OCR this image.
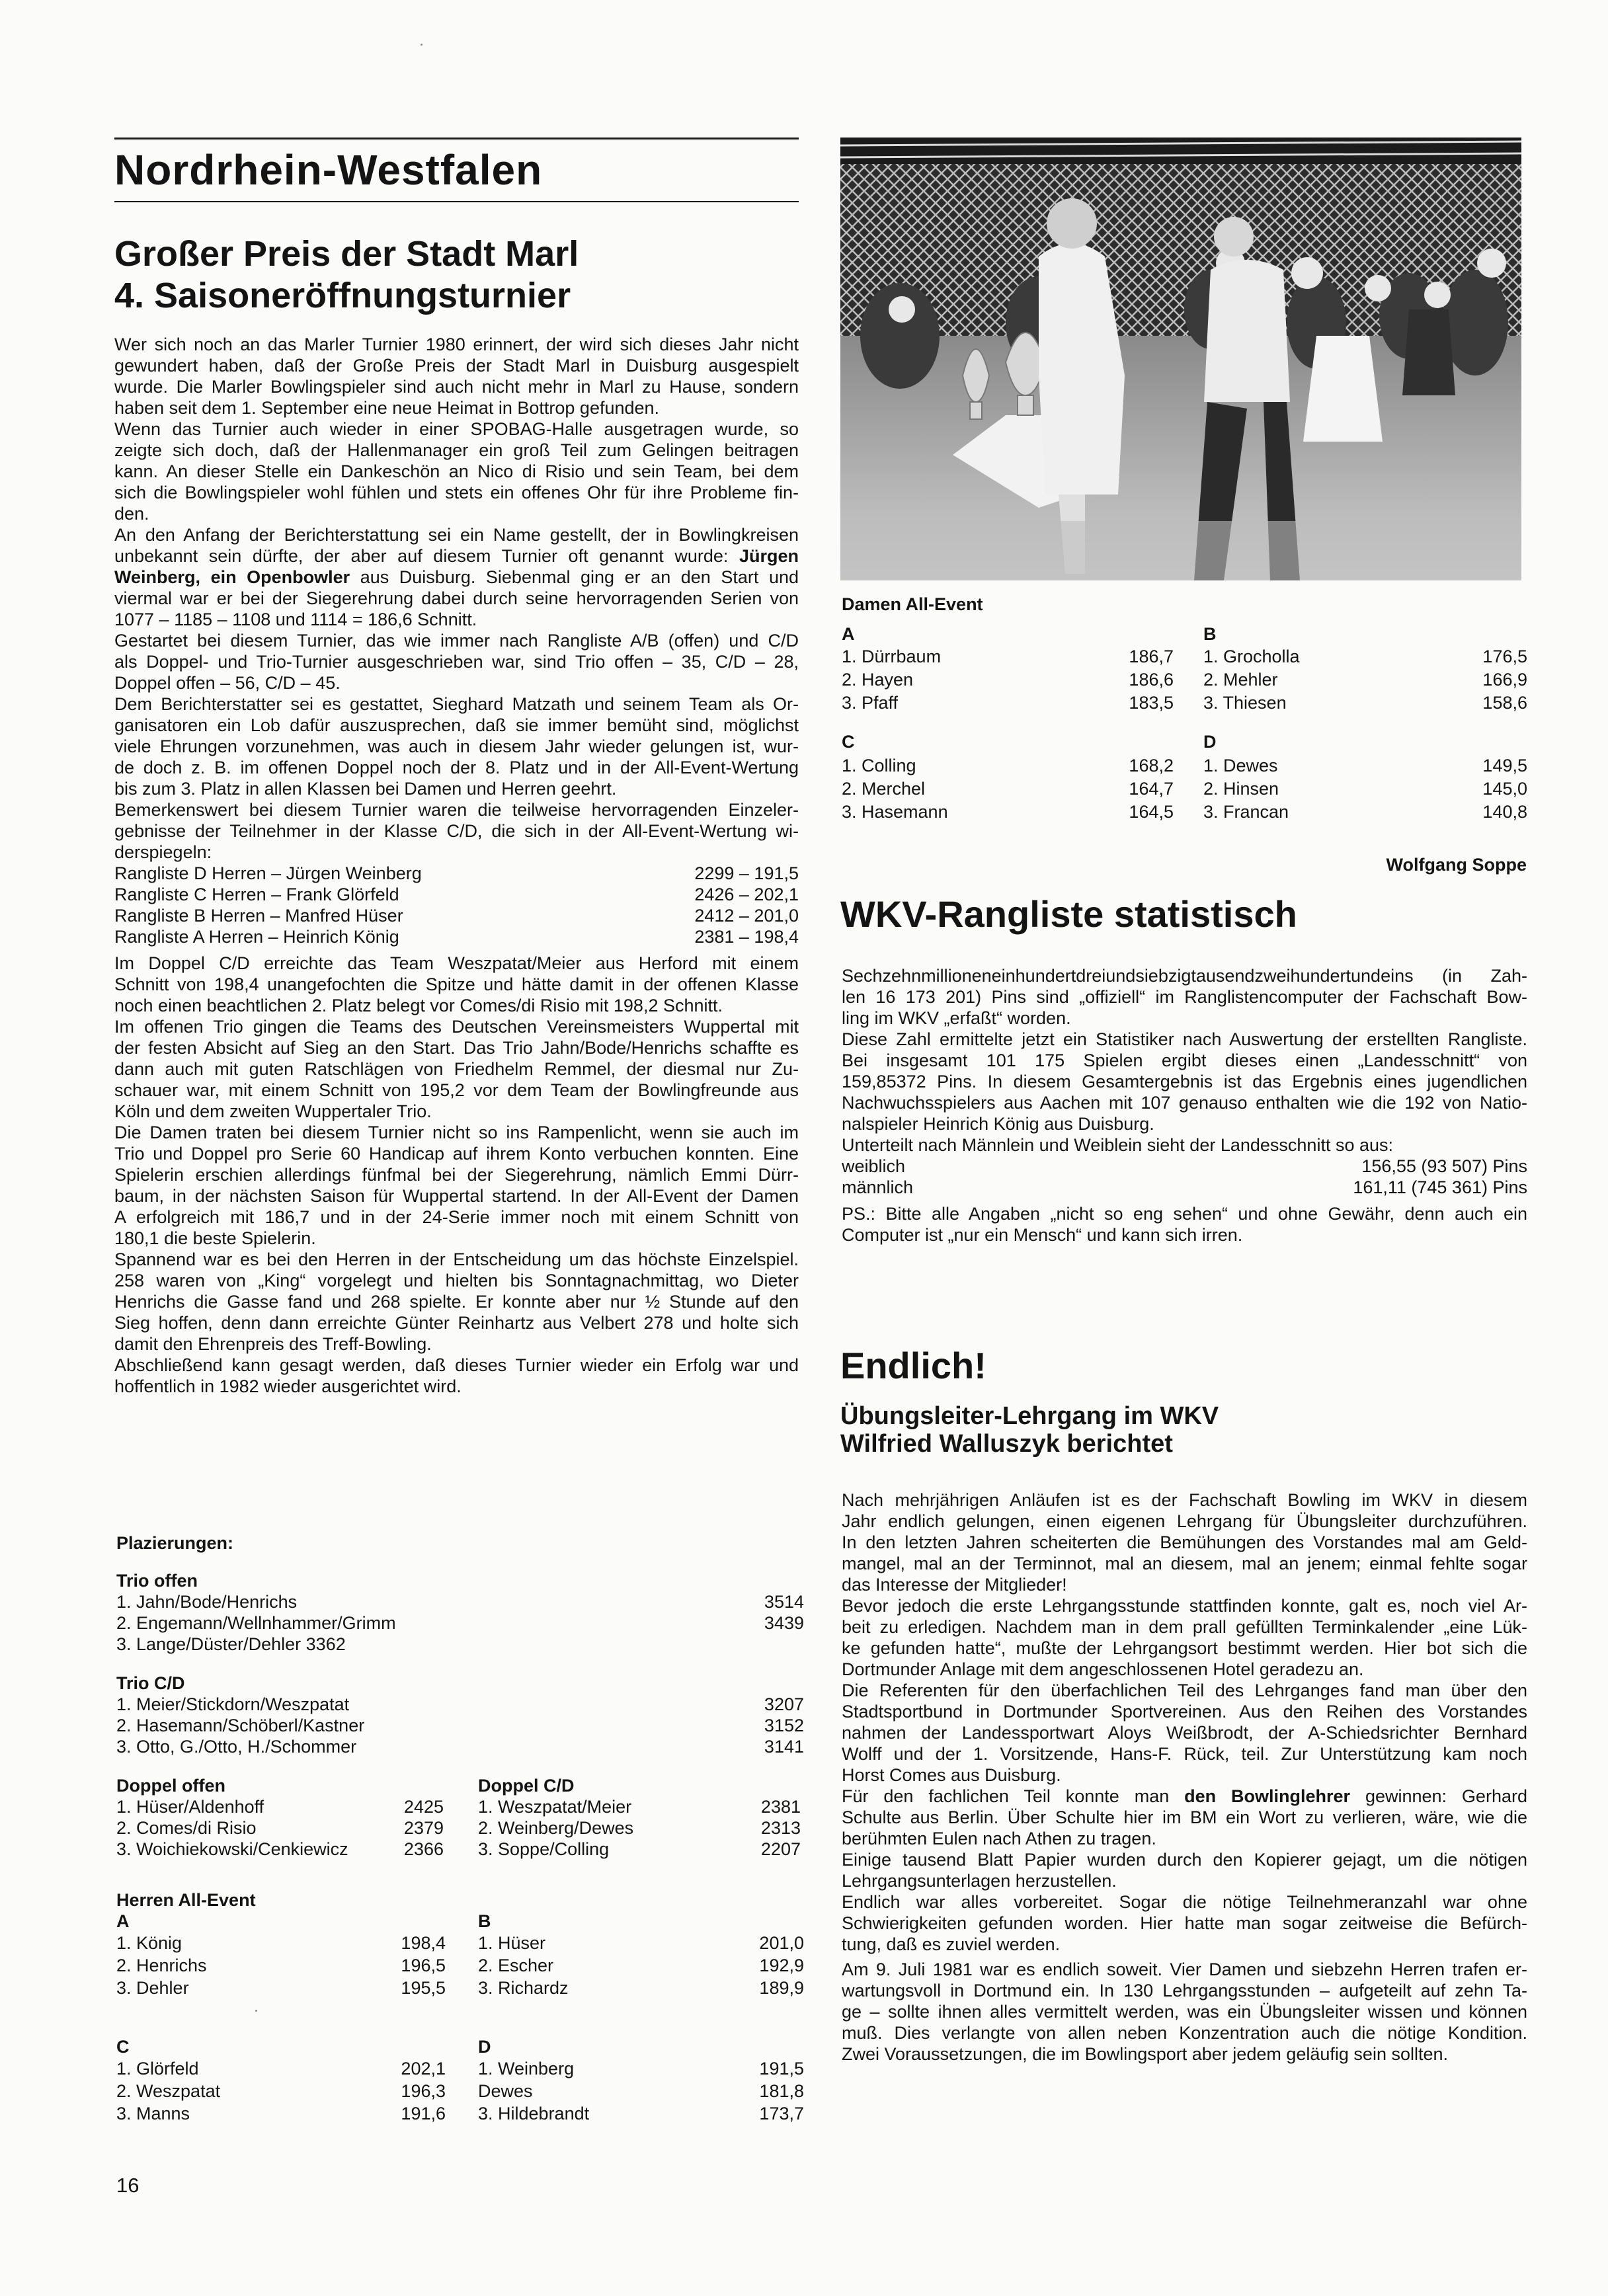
Nordrhein-Westfalen
Großer Preis der Stadt Marl
4. Saisoneröffnungsturnier
Wer sich noch an das Marler Turnier 1980 erinnert, der wird sich dieses Jahr nicht
gewundert haben, daß der Große Preis der Stadt Marl in Duisburg ausgespielt
wurde. Die Marler Bowlingspieler sind auch nicht mehr in Marl zu Hause, sondern
haben seit dem 1. September eine neue Heimat in Bottrop gefunden.
Wenn das Turnier auch wieder in einer SPOBAG-Halle ausgetragen wurde, so
zeigte sich doch, daß der Hallenmanager ein groß Teil zum Gelingen beitragen
kann. An dieser Stelle ein Dankeschön an Nico di Risio und sein Team, bei dem
sich die Bowlingspieler wohl fühlen und stets ein offenes Ohr für ihre Probleme fin-
den.
An den Anfang der Berichterstattung sei ein Name gestellt, der in Bowlingkreisen
unbekannt sein dürfte, der aber auf diesem Turnier oft genannt wurde: Jürgen
Weinberg, ein Openbowler aus Duisburg. Siebenmal ging er an den Start und
viermal war er bei der Siegerehrung dabei durch seine hervorragenden Serien von
1077 – 1185 – 1108 und 1114 = 186,6 Schnitt.
Gestartet bei diesem Turnier, das wie immer nach Rangliste A/B (offen) und C/D
als Doppel- und Trio-Turnier ausgeschrieben war, sind Trio offen – 35, C/D – 28,
Doppel offen – 56, C/D – 45.
Dem Berichterstatter sei es gestattet, Sieghard Matzath und seinem Team als Or-
ganisatoren ein Lob dafür auszusprechen, daß sie immer bemüht sind, möglichst
viele Ehrungen vorzunehmen, was auch in diesem Jahr wieder gelungen ist, wur-
de doch z. B. im offenen Doppel noch der 8. Platz und in der All-Event-Wertung
bis zum 3. Platz in allen Klassen bei Damen und Herren geehrt.
Bemerkenswert bei diesem Turnier waren die teilweise hervorragenden Einzeler-
gebnisse der Teilnehmer in der Klasse C/D, die sich in der All-Event-Wertung wi-
derspiegeln:
Rangliste D Herren – Jürgen Weinberg	2299 – 191,5
Rangliste C Herren – Frank Glörfeld	2426 – 202,1
Rangliste B Herren – Manfred Hüser	2412 – 201,0
Rangliste A Herren – Heinrich König	2381 – 198,4
Im Doppel C/D erreichte das Team Weszpatat/Meier aus Herford mit einem
Schnitt von 198,4 unangefochten die Spitze und hätte damit in der offenen Klasse
noch einen beachtlichen 2. Platz belegt vor Comes/di Risio mit 198,2 Schnitt.
Im offenen Trio gingen die Teams des Deutschen Vereinsmeisters Wuppertal mit
der festen Absicht auf Sieg an den Start. Das Trio Jahn/Bode/Henrichs schaffte es
dann auch mit guten Ratschlägen von Friedhelm Remmel, der diesmal nur Zu-
schauer war, mit einem Schnitt von 195,2 vor dem Team der Bowlingfreunde aus
Köln und dem zweiten Wuppertaler Trio.
Die Damen traten bei diesem Turnier nicht so ins Rampenlicht, wenn sie auch im
Trio und Doppel pro Serie 60 Handicap auf ihrem Konto verbuchen konnten. Eine
Spielerin erschien allerdings fünfmal bei der Siegerehrung, nämlich Emmi Dürr-
baum, in der nächsten Saison für Wuppertal startend. In der All-Event der Damen
A erfolgreich mit 186,7 und in der 24-Serie immer noch mit einem Schnitt von
180,1 die beste Spielerin.
Spannend war es bei den Herren in der Entscheidung um das höchste Einzelspiel.
258 waren von „King“ vorgelegt und hielten bis Sonntagnachmittag, wo Dieter
Henrichs die Gasse fand und 268 spielte. Er konnte aber nur ½ Stunde auf den
Sieg hoffen, denn dann erreichte Günter Reinhartz aus Velbert 278 und holte sich
damit den Ehrenpreis des Treff-Bowling.
Abschließend kann gesagt werden, daß dieses Turnier wieder ein Erfolg war und
hoffentlich in 1982 wieder ausgerichtet wird.
Plazierungen:
Trio offen
1. Jahn/Bode/Henrichs	3514
2. Engemann/Wellnhammer/Grimm	3439
3. Lange/Düster/Dehler 3362
Trio C/D
1. Meier/Stickdorn/Weszpatat	3207
2. Hasemann/Schöberl/Kastner	3152
3. Otto, G./Otto, H./Schommer	3141
Doppel offen
1. Hüser/Aldenhoff	2425
2. Comes/di Risio	2379
3. Woichiekowski/Cenkiewicz	2366
Doppel C/D
1. Weszpatat/Meier	2381
2. Weinberg/Dewes	2313
3. Soppe/Colling	2207
Herren All-Event
A
1. König	198,4
2. Henrichs	196,5
3. Dehler	195,5
B
1. Hüser	201,0
2. Escher	192,9
3. Richardz	189,9
C
1. Glörfeld	202,1
2. Weszpatat	196,3
3. Manns	191,6
D
1. Weinberg	191,5
Dewes	181,8
3. Hildebrandt	173,7
Damen All-Event
A
1. Dürrbaum	186,7
2. Hayen	186,6
3. Pfaff	183,5
B
1. Grocholla	176,5
2. Mehler	166,9
3. Thiesen	158,6
C
1. Colling	168,2
2. Merchel	164,7
3. Hasemann	164,5
D
1. Dewes	149,5
2. Hinsen	145,0
3. Francan	140,8
Wolfgang Soppe
WKV-Rangliste statistisch
Sechzehnmillioneneinhundertdreiundsiebzigtausendzweihundertundeins (in Zah-
len 16 173 201) Pins sind „offiziell“ im Ranglistencomputer der Fachschaft Bow-
ling im WKV „erfaßt“ worden.
Diese Zahl ermittelte jetzt ein Statistiker nach Auswertung der erstellten Rangliste.
Bei insgesamt 101 175 Spielen ergibt dieses einen „Landesschnitt“ von
159,85372 Pins. In diesem Gesamtergebnis ist das Ergebnis eines jugendlichen
Nachwuchsspielers aus Aachen mit 107 genauso enthalten wie die 192 von Natio-
nalspieler Heinrich König aus Duisburg.
Unterteilt nach Männlein und Weiblein sieht der Landesschnitt so aus:
weiblich	156,55 (93 507) Pins
männlich	161,11 (745 361) Pins
PS.: Bitte alle Angaben „nicht so eng sehen“ und ohne Gewähr, denn auch ein
Computer ist „nur ein Mensch“ und kann sich irren.
Endlich!
Übungsleiter-Lehrgang im WKV
Wilfried Walluszyk berichtet
Nach mehrjährigen Anläufen ist es der Fachschaft Bowling im WKV in diesem
Jahr endlich gelungen, einen eigenen Lehrgang für Übungsleiter durchzuführen.
In den letzten Jahren scheiterten die Bemühungen des Vorstandes mal am Geld-
mangel, mal an der Terminnot, mal an diesem, mal an jenem; einmal fehlte sogar
das Interesse der Mitglieder!
Bevor jedoch die erste Lehrgangsstunde stattfinden konnte, galt es, noch viel Ar-
beit zu erledigen. Nachdem man in dem prall gefüllten Terminkalender „eine Lük-
ke gefunden hatte“, mußte der Lehrgangsort bestimmt werden. Hier bot sich die
Dortmunder Anlage mit dem angeschlossenen Hotel geradezu an.
Die Referenten für den überfachlichen Teil des Lehrganges fand man über den
Stadtsportbund in Dortmunder Sportvereinen. Aus den Reihen des Vorstandes
nahmen der Landessportwart Aloys Weißbrodt, der A-Schiedsrichter Bernhard
Wolff und der 1. Vorsitzende, Hans-F. Rück, teil. Zur Unterstützung kam noch
Horst Comes aus Duisburg.
Für den fachlichen Teil konnte man den Bowlinglehrer gewinnen: Gerhard
Schulte aus Berlin. Über Schulte hier im BM ein Wort zu verlieren, wäre, wie die
berühmten Eulen nach Athen zu tragen.
Einige tausend Blatt Papier wurden durch den Kopierer gejagt, um die nötigen
Lehrgangsunterlagen herzustellen.
Endlich war alles vorbereitet. Sogar die nötige Teilnehmeranzahl war ohne
Schwierigkeiten gefunden worden. Hier hatte man sogar zeitweise die Befürch-
tung, daß es zuviel werden.
Am 9. Juli 1981 war es endlich soweit. Vier Damen und siebzehn Herren trafen er-
wartungsvoll in Dortmund ein. In 130 Lehrgangsstunden – aufgeteilt auf zehn Ta-
ge – sollte ihnen alles vermittelt werden, was ein Übungsleiter wissen und können
muß. Dies verlangte von allen neben Konzentration auch die nötige Kondition.
Zwei Voraussetzungen, die im Bowlingsport aber jedem geläufig sein sollten.
16
